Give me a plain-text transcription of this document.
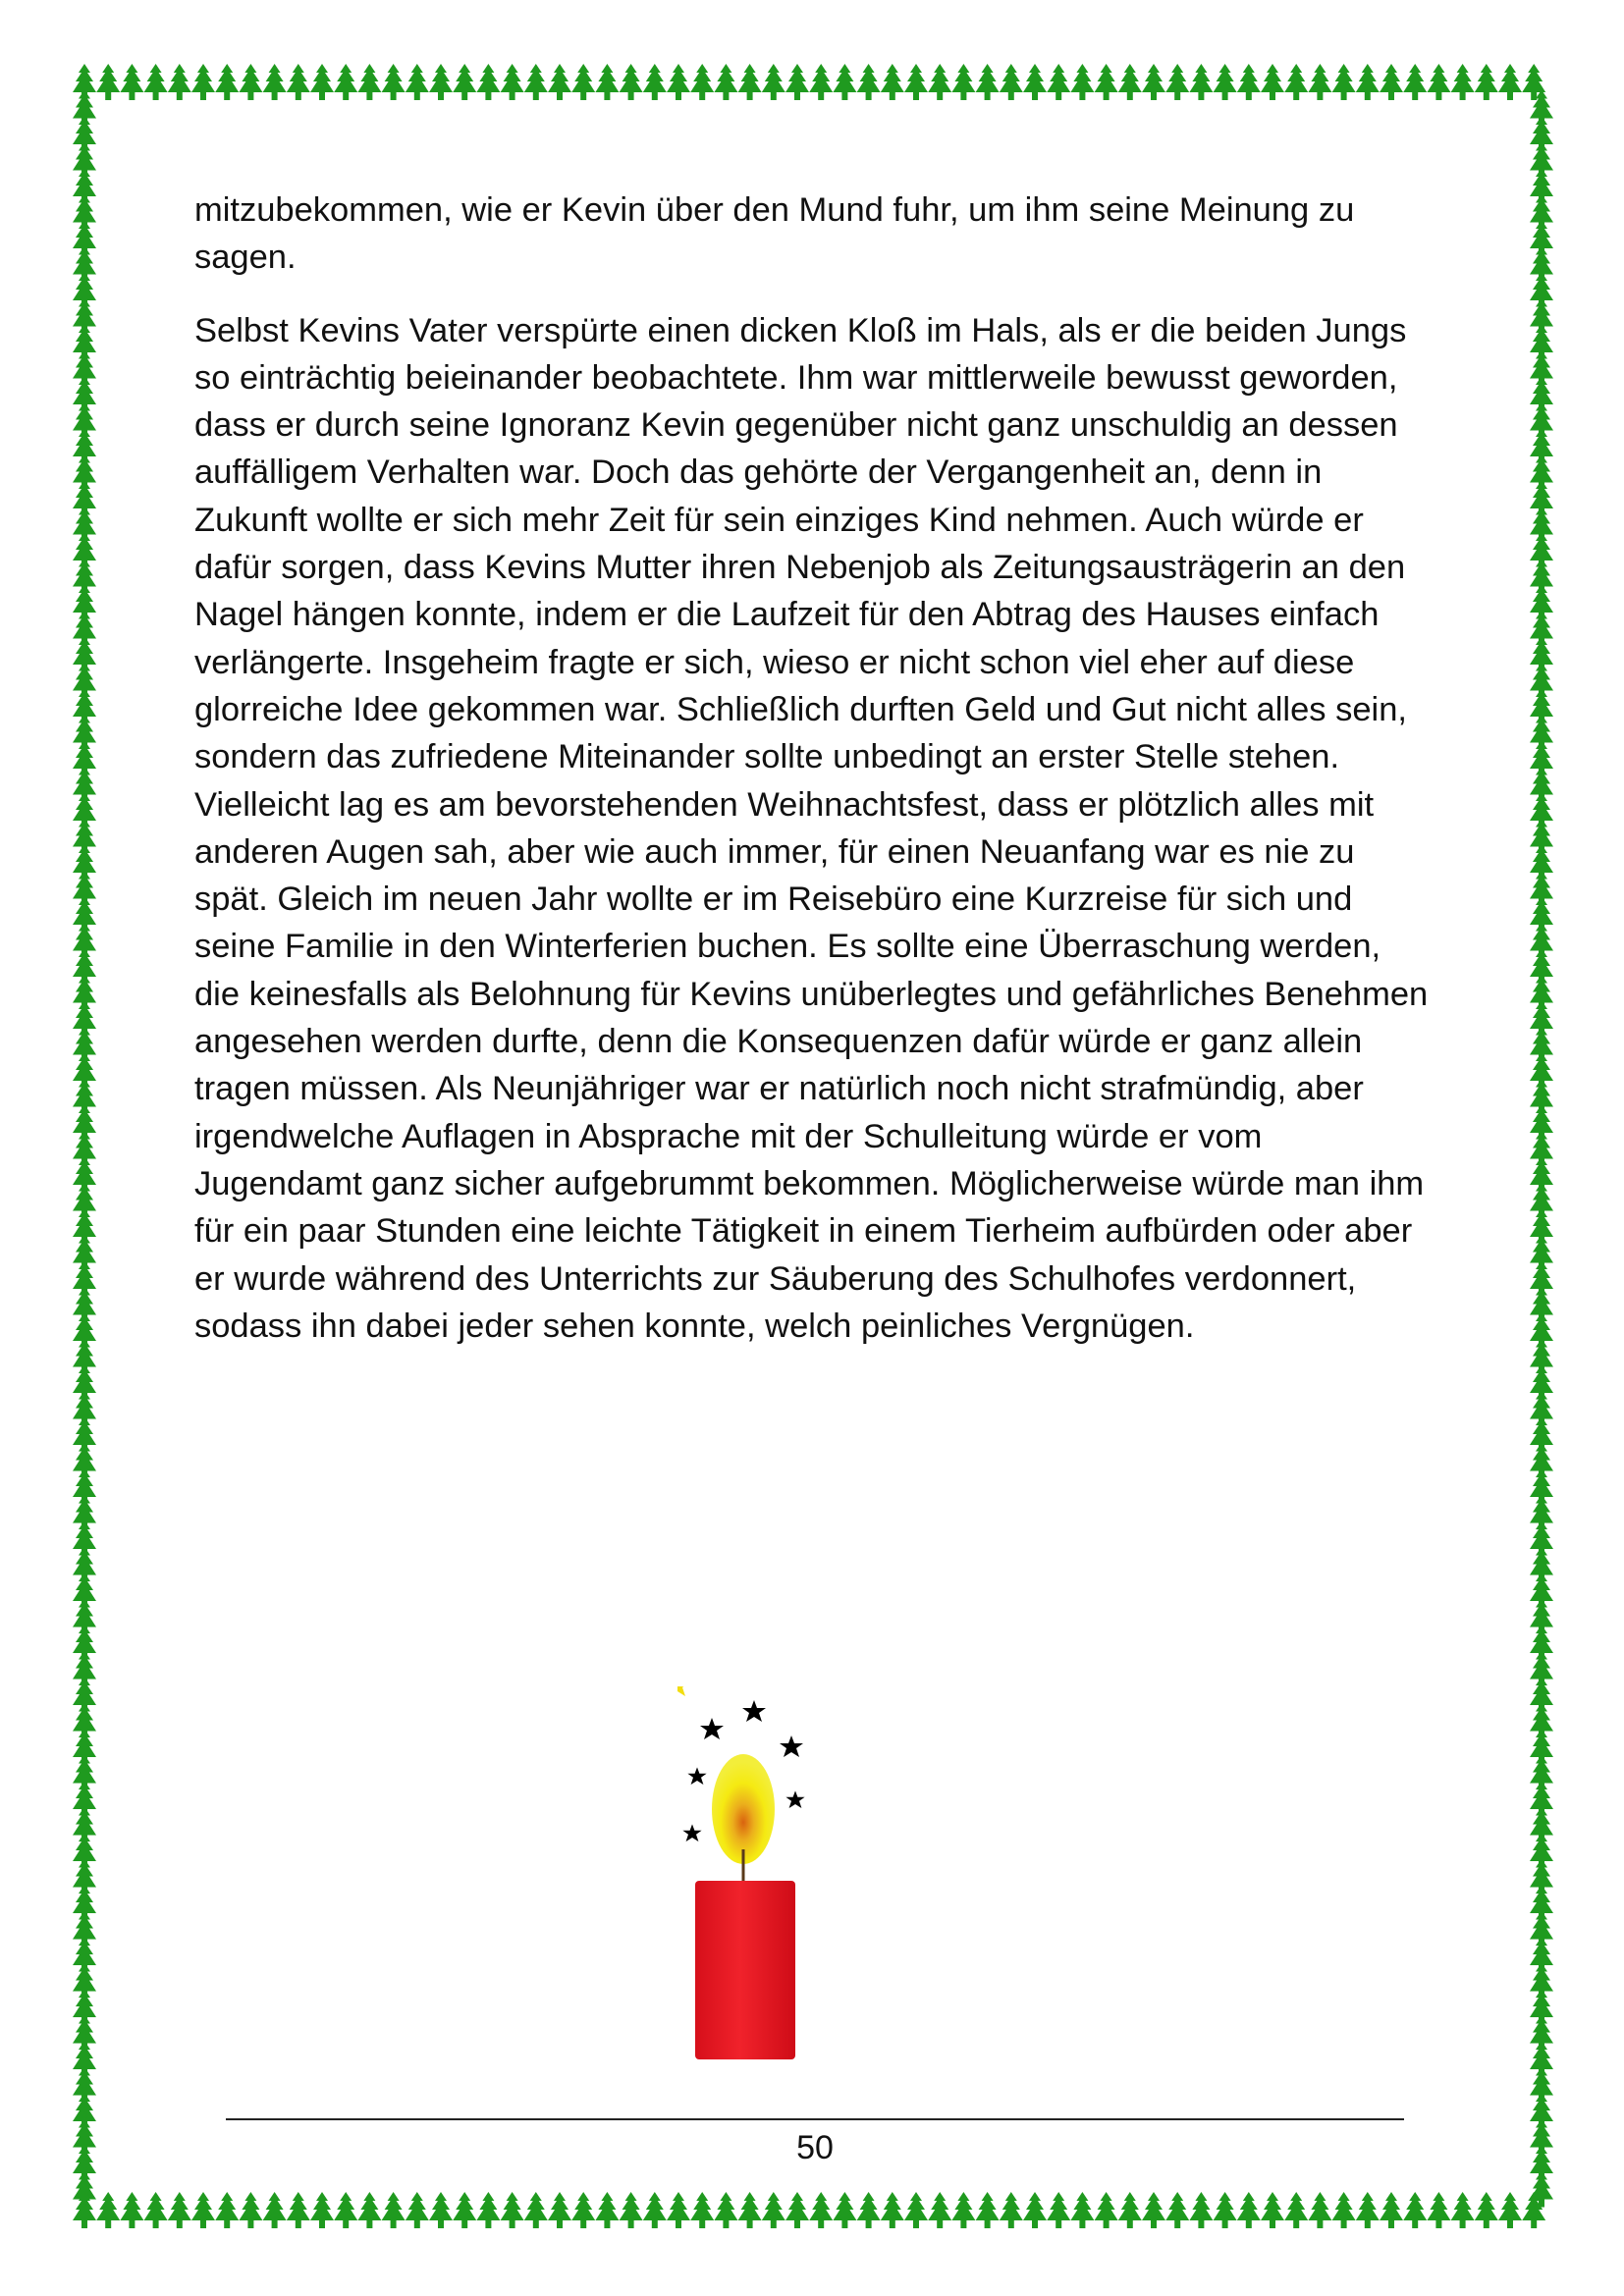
mitzubekommen, wie er Kevin über den Mund fuhr, um ihm seine Meinung zu sagen.

Selbst Kevins Vater verspürte einen dicken Kloß im Hals, als er die beiden Jungs so einträchtig beieinander beobachtete. Ihm war mittlerweile bewusst geworden, dass er durch seine Ignoranz Kevin gegenüber nicht ganz unschuldig an dessen auffälligem Verhalten war. Doch das gehörte der Vergangenheit an, denn in Zukunft wollte er sich mehr Zeit für sein einziges Kind nehmen. Auch würde er dafür sorgen, dass Kevins Mutter ihren Nebenjob als Zeitungsausträgerin an den Nagel hängen konnte, indem er die Laufzeit für den Abtrag des Hauses einfach verlängerte. Insgeheim fragte er sich, wieso er nicht schon viel eher auf diese glorreiche Idee gekommen war. Schließlich durften Geld und Gut nicht alles sein, sondern das zufriedene Miteinander sollte unbedingt an erster Stelle stehen. Vielleicht lag es am bevorstehenden Weihnachtsfest, dass er plötzlich alles mit anderen Augen sah, aber wie auch immer, für einen Neuanfang war es nie zu spät. Gleich im neuen Jahr wollte er im Reisebüro eine Kurzreise für sich und seine Familie in den Winterferien buchen. Es sollte eine Überraschung werden, die keinesfalls als Belohnung für Kevins unüberlegtes und gefährliches Benehmen angesehen werden durfte, denn die Konsequenzen dafür würde er ganz allein tragen müssen. Als Neunjähriger war er natürlich noch nicht strafmündig, aber irgendwelche Auflagen in Absprache mit der Schulleitung würde er vom Jugendamt ganz sicher aufgebrummt bekommen. Möglicherweise würde man ihm für ein paar Stunden eine leichte Tätigkeit in einem Tierheim aufbürden oder aber er wurde während des Unterrichts zur Säuberung des Schulhofes verdonnert, sodass ihn dabei jeder sehen konnte, welch peinliches Vergnügen.

50
